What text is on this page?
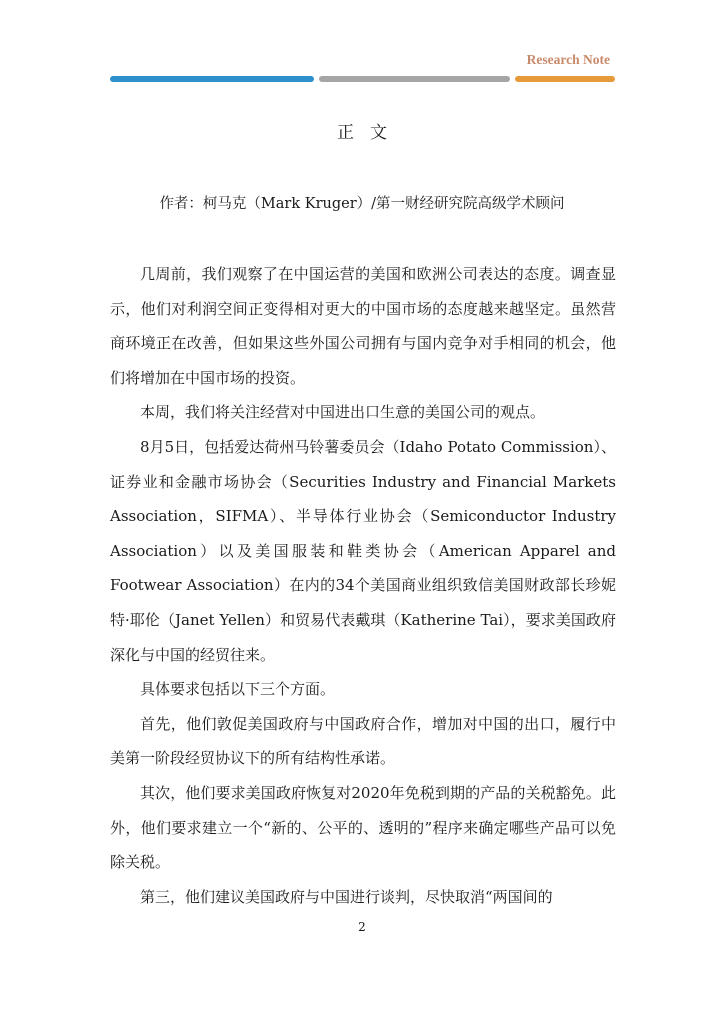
Research Note
正文
作者：柯马克（Mark Kruger）/第一财经研究院高级学术顾问

几周前，我们观察了在中国运营的美国和欧洲公司表达的态度。调查显示，他们对利润空间正变得相对更大的中国市场的态度越来越坚定。虽然营商环境正在改善，但如果这些外国公司拥有与国内竞争对手相同的机会，他们将增加在中国市场的投资。

本周，我们将关注经营对中国进出口生意的美国公司的观点。

8月5日，包括爱达荷州马铃薯委员会（Idaho Potato Commission）、证券业和金融市场协会（Securities Industry and Financial Markets Association，SIFMA）、半导体行业协会（Semiconductor Industry Association）以及美国服装和鞋类协会（American Apparel and Footwear Association）在内的34个美国商业组织致信美国财政部长珍妮特·耶伦（Janet Yellen）和贸易代表戴琪（Katherine Tai），要求美国政府深化与中国的经贸往来。

具体要求包括以下三个方面。

首先，他们敦促美国政府与中国政府合作，增加对中国的出口，履行中美第一阶段经贸协议下的所有结构性承诺。

其次，他们要求美国政府恢复对2020年免税到期的产品的关税豁免。此外，他们要求建立一个“新的、公平的、透明的”程序来确定哪些产品可以免除关税。

第三，他们建议美国政府与中国进行谈判，尽快取消“两国间的

2
